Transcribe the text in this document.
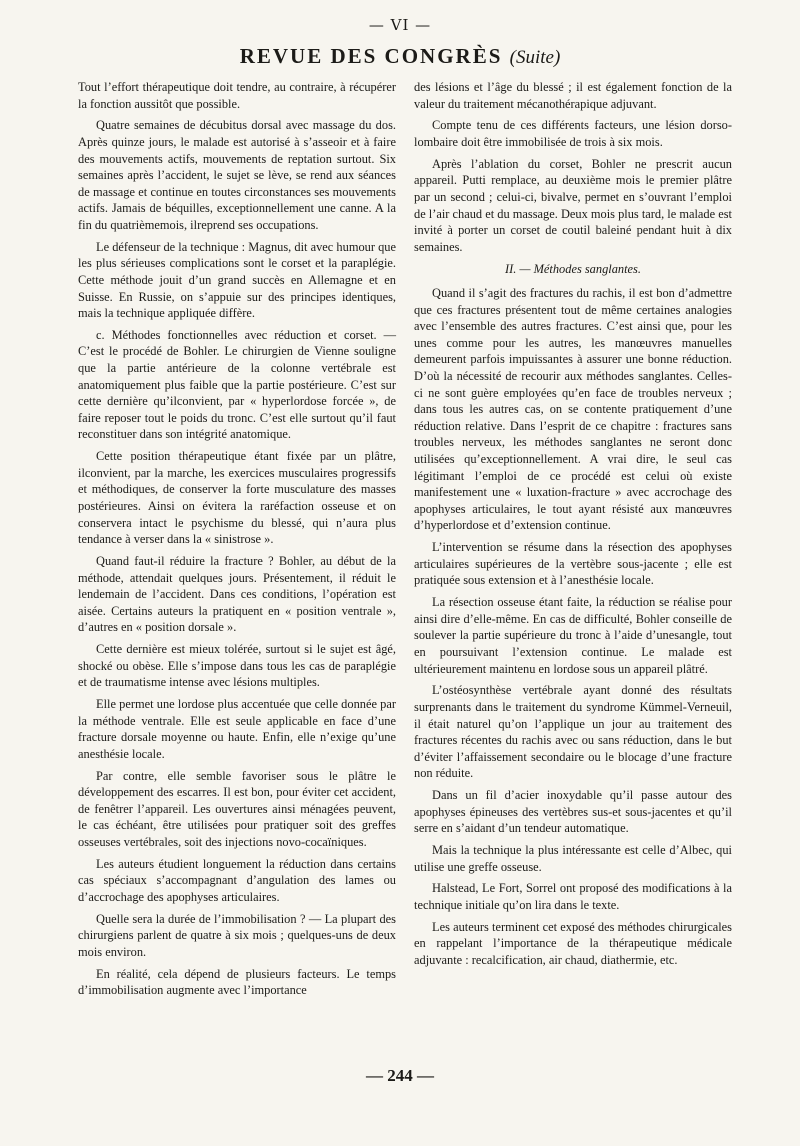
— VI —
REVUE DES CONGRÈS (Suite)

Tout l’effort thérapeutique doit tendre, au contraire, à récupérer la fonction aussitôt que possible.

Quatre semaines de décubitus dorsal avec massage du dos. Après quinze jours, le malade est autorisé à s’asseoir et à faire des mouvements actifs, mouvements de reptation surtout. Six semaines après l’accident, le sujet se lève, se rend aux séances de massage et continue en toutes circonstances ses mouvements actifs. Jamais de béquilles, exceptionnellement une canne. A la fin du quatrièmemois, ilreprend ses occupations.

Le défenseur de la technique : Magnus, dit avec humour que les plus sérieuses complications sont le corset et la paraplégie. Cette méthode jouit d’un grand succès en Allemagne et en Suisse. En Russie, on s’appuie sur des principes identiques, mais la technique appliquée diffère.

c. Méthodes fonctionnelles avec réduction et corset. — C’est le procédé de Bohler. Le chirurgien de Vienne souligne que la partie antérieure de la colonne vertébrale est anatomiquement plus faible que la partie postérieure. C’est sur cette dernière qu’ilconvient, par « hyperlordose forcée », de faire reposer tout le poids du tronc. C’est elle surtout qu’il faut reconstituer dans son intégrité anatomique.

Cette position thérapeutique étant fixée par un plâtre, ilconvient, par la marche, les exercices musculaires progressifs et méthodiques, de conserver la forte musculature des masses postérieures. Ainsi on évitera la raréfaction osseuse et on conservera intact le psychisme du blessé, qui n’aura plus tendance à verser dans la « sinistrose ».

Quand faut-il réduire la fracture ? Bohler, au début de la méthode, attendait quelques jours. Présentement, il réduit le lendemain de l’accident. Dans ces conditions, l’opération est aisée. Certains auteurs la pratiquent en « position ventrale », d’autres en « position dorsale ».

Cette dernière est mieux tolérée, surtout si le sujet est âgé, shocké ou obèse. Elle s’impose dans tous les cas de paraplégie et de traumatisme intense avec lésions multiples.

Elle permet une lordose plus accentuée que celle donnée par la méthode ventrale. Elle est seule applicable en face d’une fracture dorsale moyenne ou haute. Enfin, elle n’exige qu’une anesthésie locale.

Par contre, elle semble favoriser sous le plâtre le développement des escarres. Il est bon, pour éviter cet accident, de fenêtrer l’appareil. Les ouvertures ainsi ménagées peuvent, le cas échéant, être utilisées pour pratiquer soit des greffes osseuses vertébrales, soit des injections novo-cocaïniques.

Les auteurs étudient longuement la réduction dans certains cas spéciaux s’accompagnant d’angulation des lames ou d’accrochage des apophyses articulaires.

Quelle sera la durée de l’immobilisation ? — La plupart des chirurgiens parlent de quatre à six mois ; quelques-uns de deux mois environ.

En réalité, cela dépend de plusieurs facteurs. Le temps d’immobilisation augmente avec l’importance

des lésions et l’âge du blessé ; il est également fonction de la valeur du traitement mécanothérapique adjuvant.

Compte tenu de ces différents facteurs, une lésion dorso-lombaire doit être immobilisée de trois à six mois.

Après l’ablation du corset, Bohler ne prescrit aucun appareil. Putti remplace, au deuxième mois le premier plâtre par un second ; celui-ci, bivalve, permet en s’ouvrant l’emploi de l’air chaud et du massage. Deux mois plus tard, le malade est invité à porter un corset de coutil baleiné pendant huit à dix semaines.

II. — Méthodes sanglantes.

Quand il s’agit des fractures du rachis, il est bon d’admettre que ces fractures présentent tout de même certaines analogies avec l’ensemble des autres fractures. C’est ainsi que, pour les unes comme pour les autres, les manœuvres manuelles demeurent parfois impuissantes à assurer une bonne réduction. D’où la nécessité de recourir aux méthodes sanglantes. Celles-ci ne sont guère employées qu’en face de troubles nerveux ; dans tous les autres cas, on se contente pratiquement d’une réduction relative. Dans l’esprit de ce chapitre : fractures sans troubles nerveux, les méthodes sanglantes ne seront donc utilisées qu’exceptionnellement. A vrai dire, le seul cas légitimant l’emploi de ce procédé est celui où existe manifestement une « luxation-fracture » avec accrochage des apophyses articulaires, le tout ayant résisté aux manœuvres d’hyperlordose et d’extension continue.

L’intervention se résume dans la résection des apophyses articulaires supérieures de la vertèbre sous-jacente ; elle est pratiquée sous extension et à l’anesthésie locale.

La résection osseuse étant faite, la réduction se réalise pour ainsi dire d’elle-même. En cas de difficulté, Bohler conseille de soulever la partie supérieure du tronc à l’aide d’unesangle, tout en poursuivant l’extension continue. Le malade est ultérieurement maintenu en lordose sous un appareil plâtré.

L’ostéosynthèse vertébrale ayant donné des résultats surprenants dans le traitement du syndrome Kümmel-Verneuil, il était naturel qu’on l’applique un jour au traitement des fractures récentes du rachis avec ou sans réduction, dans le but d’éviter l’affaissement secondaire ou le blocage d’une fracture non réduite.

Dans un fil d’acier inoxydable qu’il passe autour des apophyses épineuses des vertèbres sus-et sous-jacentes et qu’il serre en s’aidant d’un tendeur automatique.

Mais la technique la plus intéressante est celle d’Albec, qui utilise une greffe osseuse.

Halstead, Le Fort, Sorrel ont proposé des modifications à la technique initiale qu’on lira dans le texte.

Les auteurs terminent cet exposé des méthodes chirurgicales en rappelant l’importance de la thérapeutique médicale adjuvante : recalcification, air chaud, diathermie, etc.

— 244 —
